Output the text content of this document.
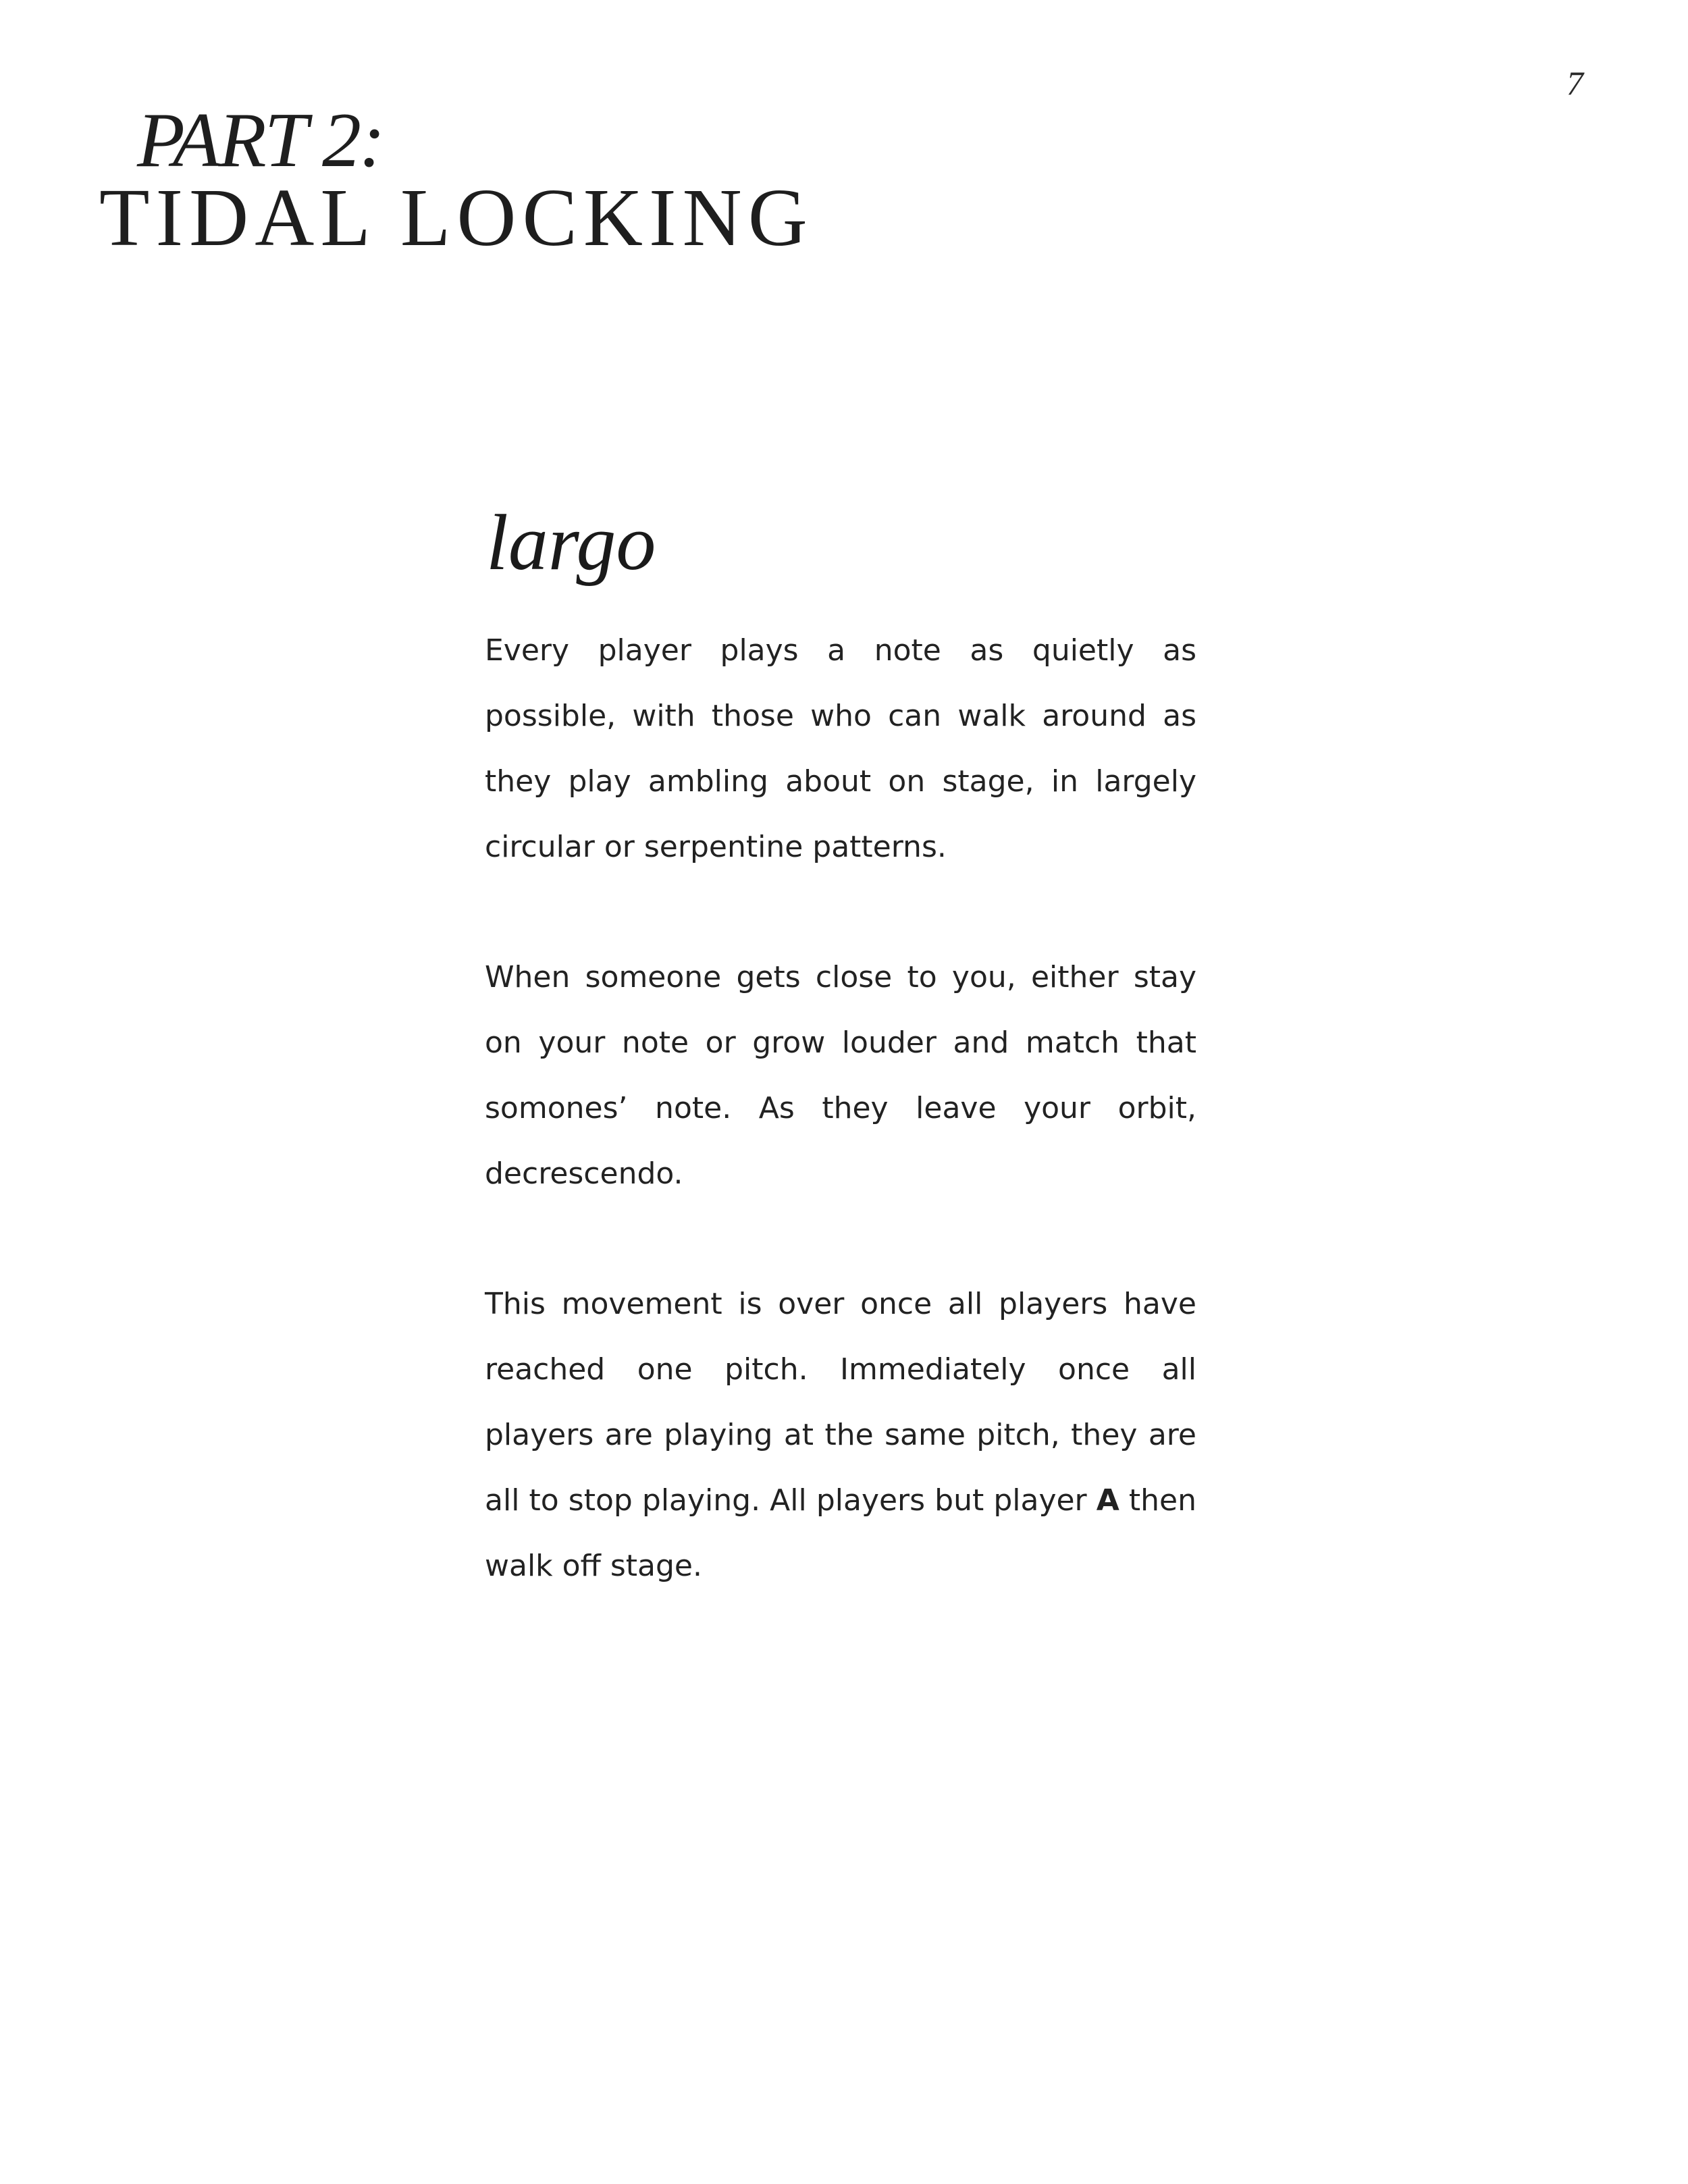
7
PART 2:
TIDAL LOCKING
largo

Every player plays a note as quietly as possible, with those who can walk around as they play ambling about on stage, in largely circular or serpentine patterns.

When someone gets close to you, either stay on your note or grow louder and match that somones’ note. As they leave your orbit, decrescendo.

This movement is over once all players have reached one pitch. Immediately once all players are playing at the same pitch, they are all to stop playing. All players but player A then walk off stage.
